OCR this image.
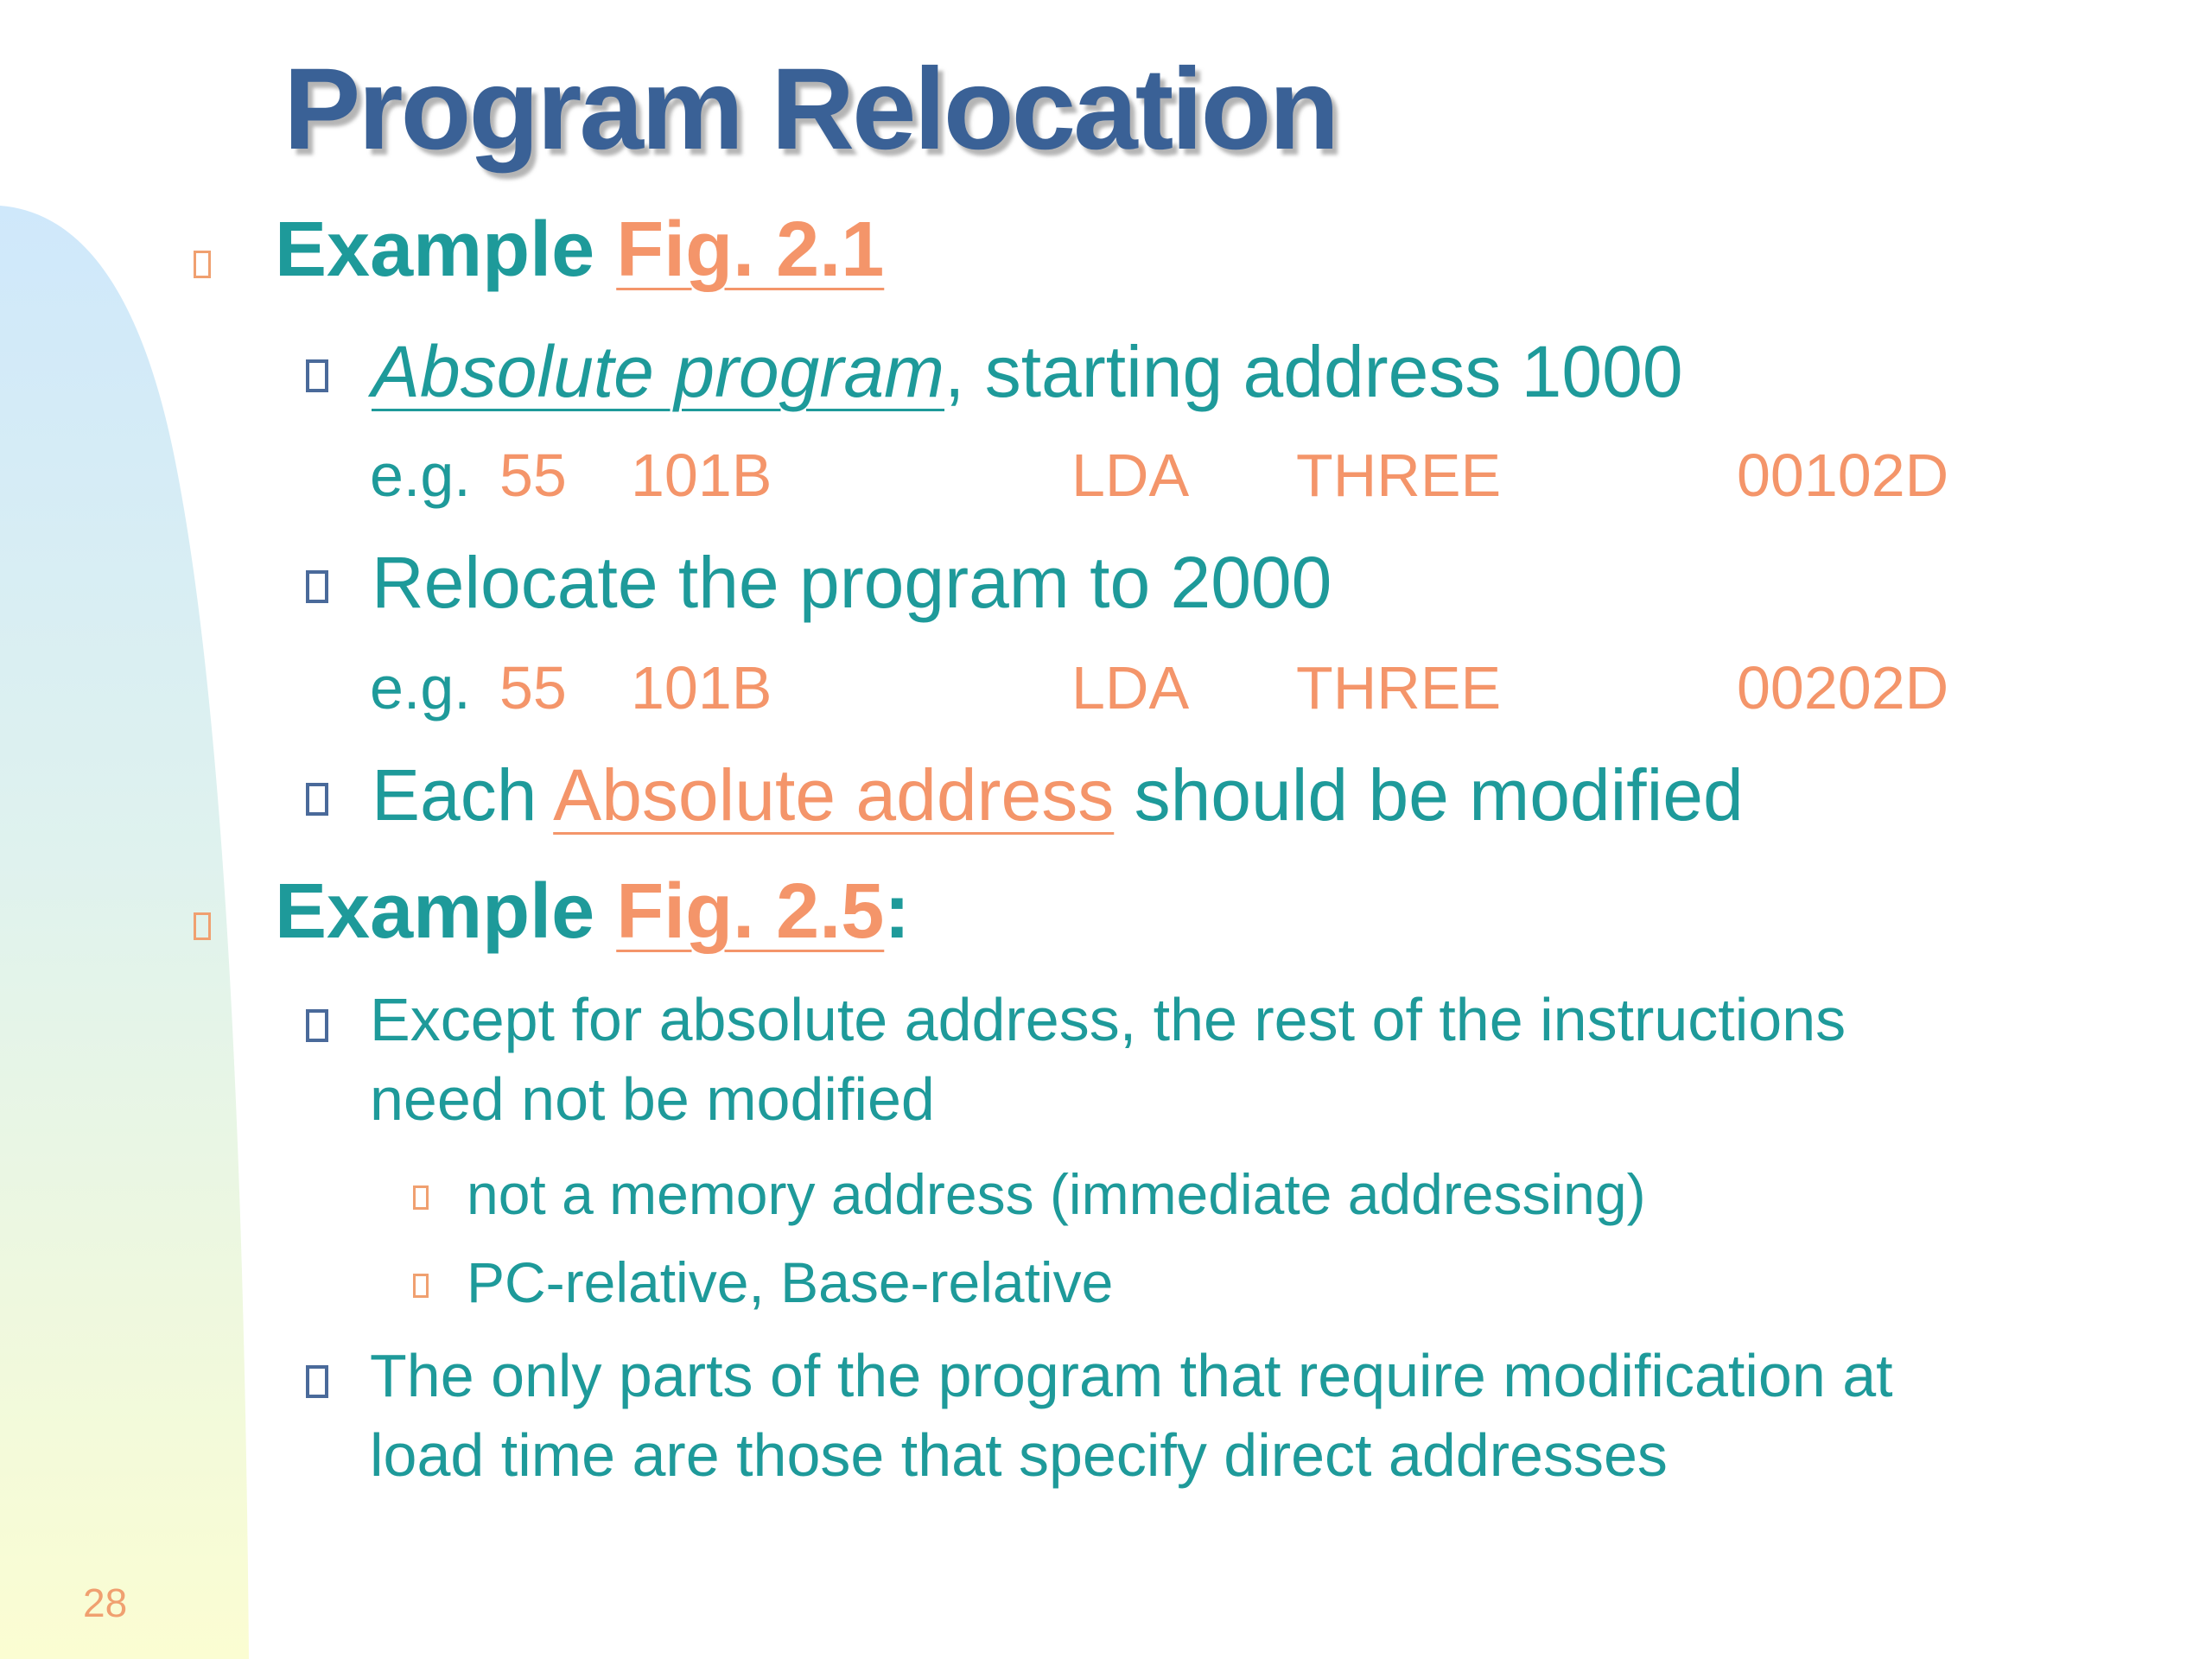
Program Relocation
Example Fig. 2.1
Absolute program, starting address 1000
e.g. 55 101B	LDA THREE	00102D
Relocate the program to 2000
e.g. 55 101B	LDA THREE	00202D
Each Absolute address should be modified
Example Fig. 2.5:
Except for absolute address, the rest of the instructions
need not be modified
not a memory address (immediate addressing)
PC-relative, Base-relative
The only parts of the program that require modification at
load time are those that specify direct addresses
28
